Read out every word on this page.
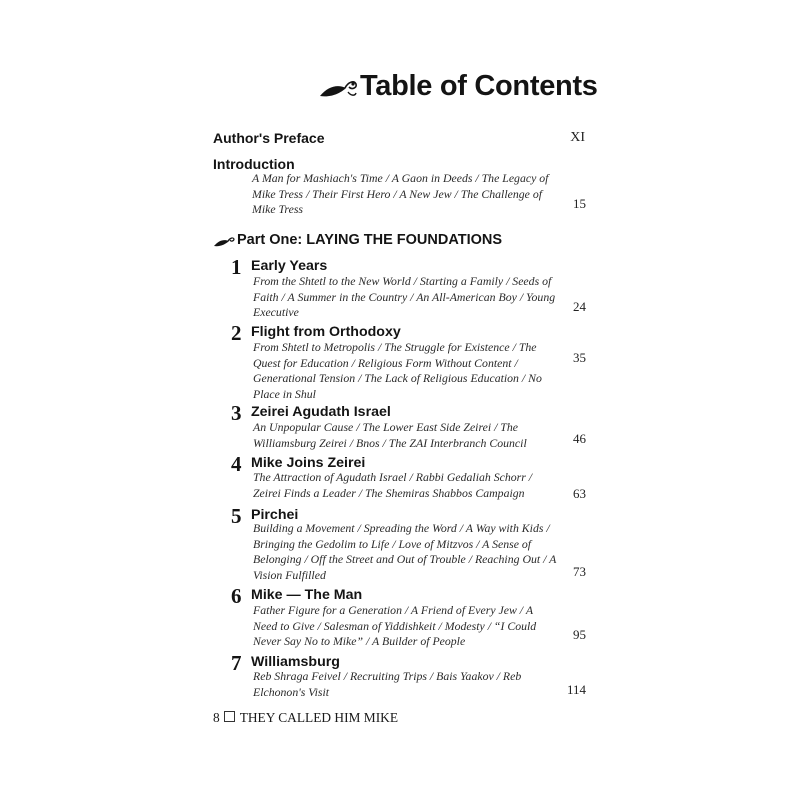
Table of Contents
Author's Preface	XI
Introduction
A Man for Mashiach's Time / A Gaon in Deeds / The Legacy of Mike Tress / Their First Hero / A New Jew / The Challenge of Mike Tress	15
Part One: LAYING THE FOUNDATIONS
1 Early Years
From the Shtetl to the New World / Starting a Family / Seeds of Faith / A Summer in the Country / An All-American Boy / Young Executive	24
2 Flight from Orthodoxy
From Shtetl to Metropolis / The Struggle for Existence / The Quest for Education / Religious Form Without Content / Generational Tension / The Lack of Religious Education / No Place in Shul
35
3 Zeirei Agudath Israel
An Unpopular Cause / The Lower East Side Zeirei / The Williamsburg Zeirei / Bnos / The ZAI Interbranch Council	46
4 Mike Joins Zeirei
The Attraction of Agudath Israel / Rabbi Gedaliah Schorr / Zeirei Finds a Leader / The Shemiras Shabbos Campaign	63
5 Pirchei
Building a Movement / Spreading the Word / A Way with Kids / Bringing the Gedolim to Life / Love of Mitzvos / A Sense of Belonging / Off the Street and Out of Trouble / Reaching Out / A Vision Fulfilled	73
6 Mike — The Man
Father Figure for a Generation / A Friend of Every Jew / A Need to Give / Salesman of Yiddishkeit / Modesty / “I Could Never Say No to Mike” / A Builder of People	95
7 Williamsburg
Reb Shraga Feivel / Recruiting Trips / Bais Yaakov / Reb Elchonon's Visit	114
8 THEY CALLED HIM MIKE
